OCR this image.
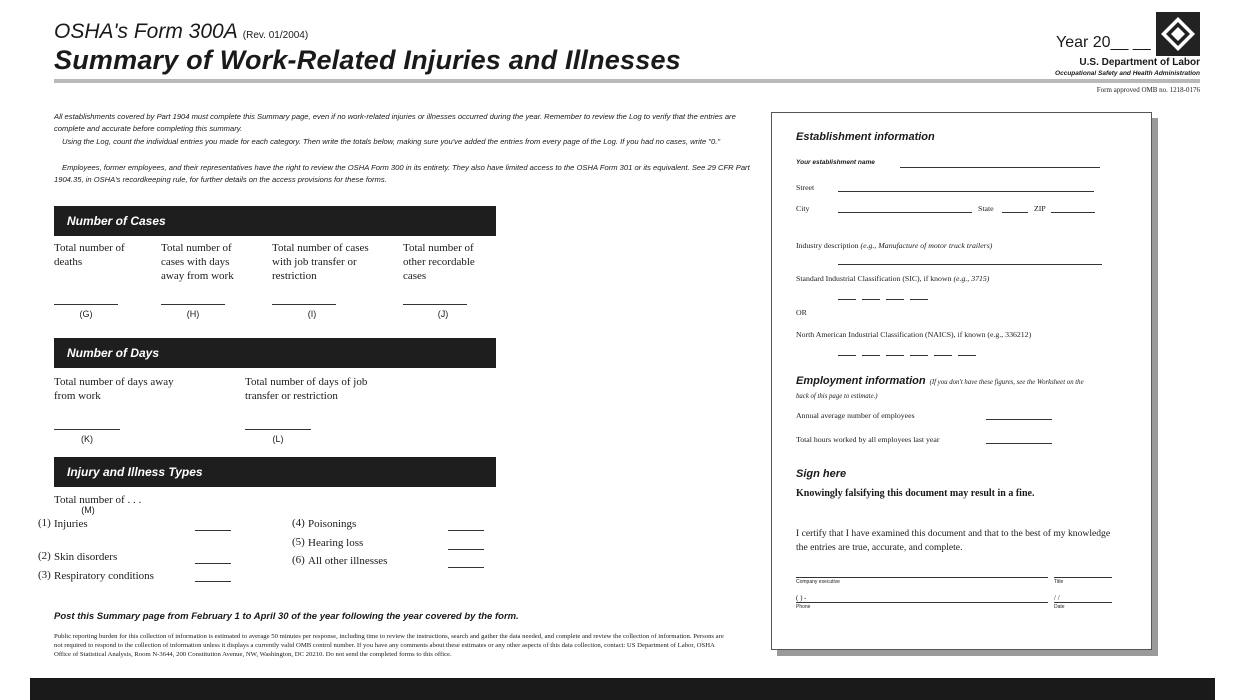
OSHA's Form 300A (Rev. 01/2004)
Summary of Work-Related Injuries and Illnesses
Year 20__ __
U.S. Department of Labor
Occupational Safety and Health Administration
Form approved OMB no. 1218-0176
All establishments covered by Part 1904 must complete this Summary page, even if no work-related injuries or illnesses occurred during the year. Remember to review the Log to verify that the entries are complete and accurate before completing this summary.
Using the Log, count the individual entries you made for each category. Then write the totals below, making sure you've added the entries from every page of the Log. If you had no cases, write "0."
Employees, former employees, and their representatives have the right to review the OSHA Form 300 in its entirety. They also have limited access to the OSHA Form 301 or its equivalent. See 29 CFR Part 1904.35, in OSHA's recordkeeping rule, for further details on the access provisions for these forms.
Number of Cases
Total number of deaths
(G)
Total number of cases with days away from work
(H)
Total number of cases with job transfer or restriction
(I)
Total number of other recordable cases
(J)
Number of Days
Total number of days away from work
(K)
Total number of days of job transfer or restriction
(L)
Injury and Illness Types
Total number of . . .
(M)
(1) Injuries
(2) Skin disorders
(3) Respiratory conditions
(4) Poisonings
(5) Hearing loss
(6) All other illnesses
Post this Summary page from February 1 to April 30 of the year following the year covered by the form.
Public reporting burden for this collection of information is estimated to average 50 minutes per response, including time to review the instructions, search and gather the data needed, and complete and review the collection of information. Persons are not required to respond to the collection of information unless it displays a currently valid OMB control number. If you have any comments about these estimates or any other aspects of this data collection, contact: US Department of Labor, OSHA Office of Statistical Analysis, Room N-3644, 200 Constitution Avenue, NW, Washington, DC 20210. Do not send the completed forms to this office.
Establishment information
Your establishment name
Street
City	State	ZIP
Industry description (e.g., Manufacture of motor truck trailers)
Standard Industrial Classification (SIC), if known (e.g., 3715)
OR
North American Industrial Classification (NAICS), if known (e.g., 336212)
Employment information (If you don't have these figures, see the Worksheet on the back of this page to estimate.)
Annual average number of employees
Total hours worked by all employees last year
Sign here
Knowingly falsifying this document may result in a fine.
I certify that I have examined this document and that to the best of my knowledge the entries are true, accurate, and complete.
Company executive	Title
( ) -
Phone
/ /
Date
